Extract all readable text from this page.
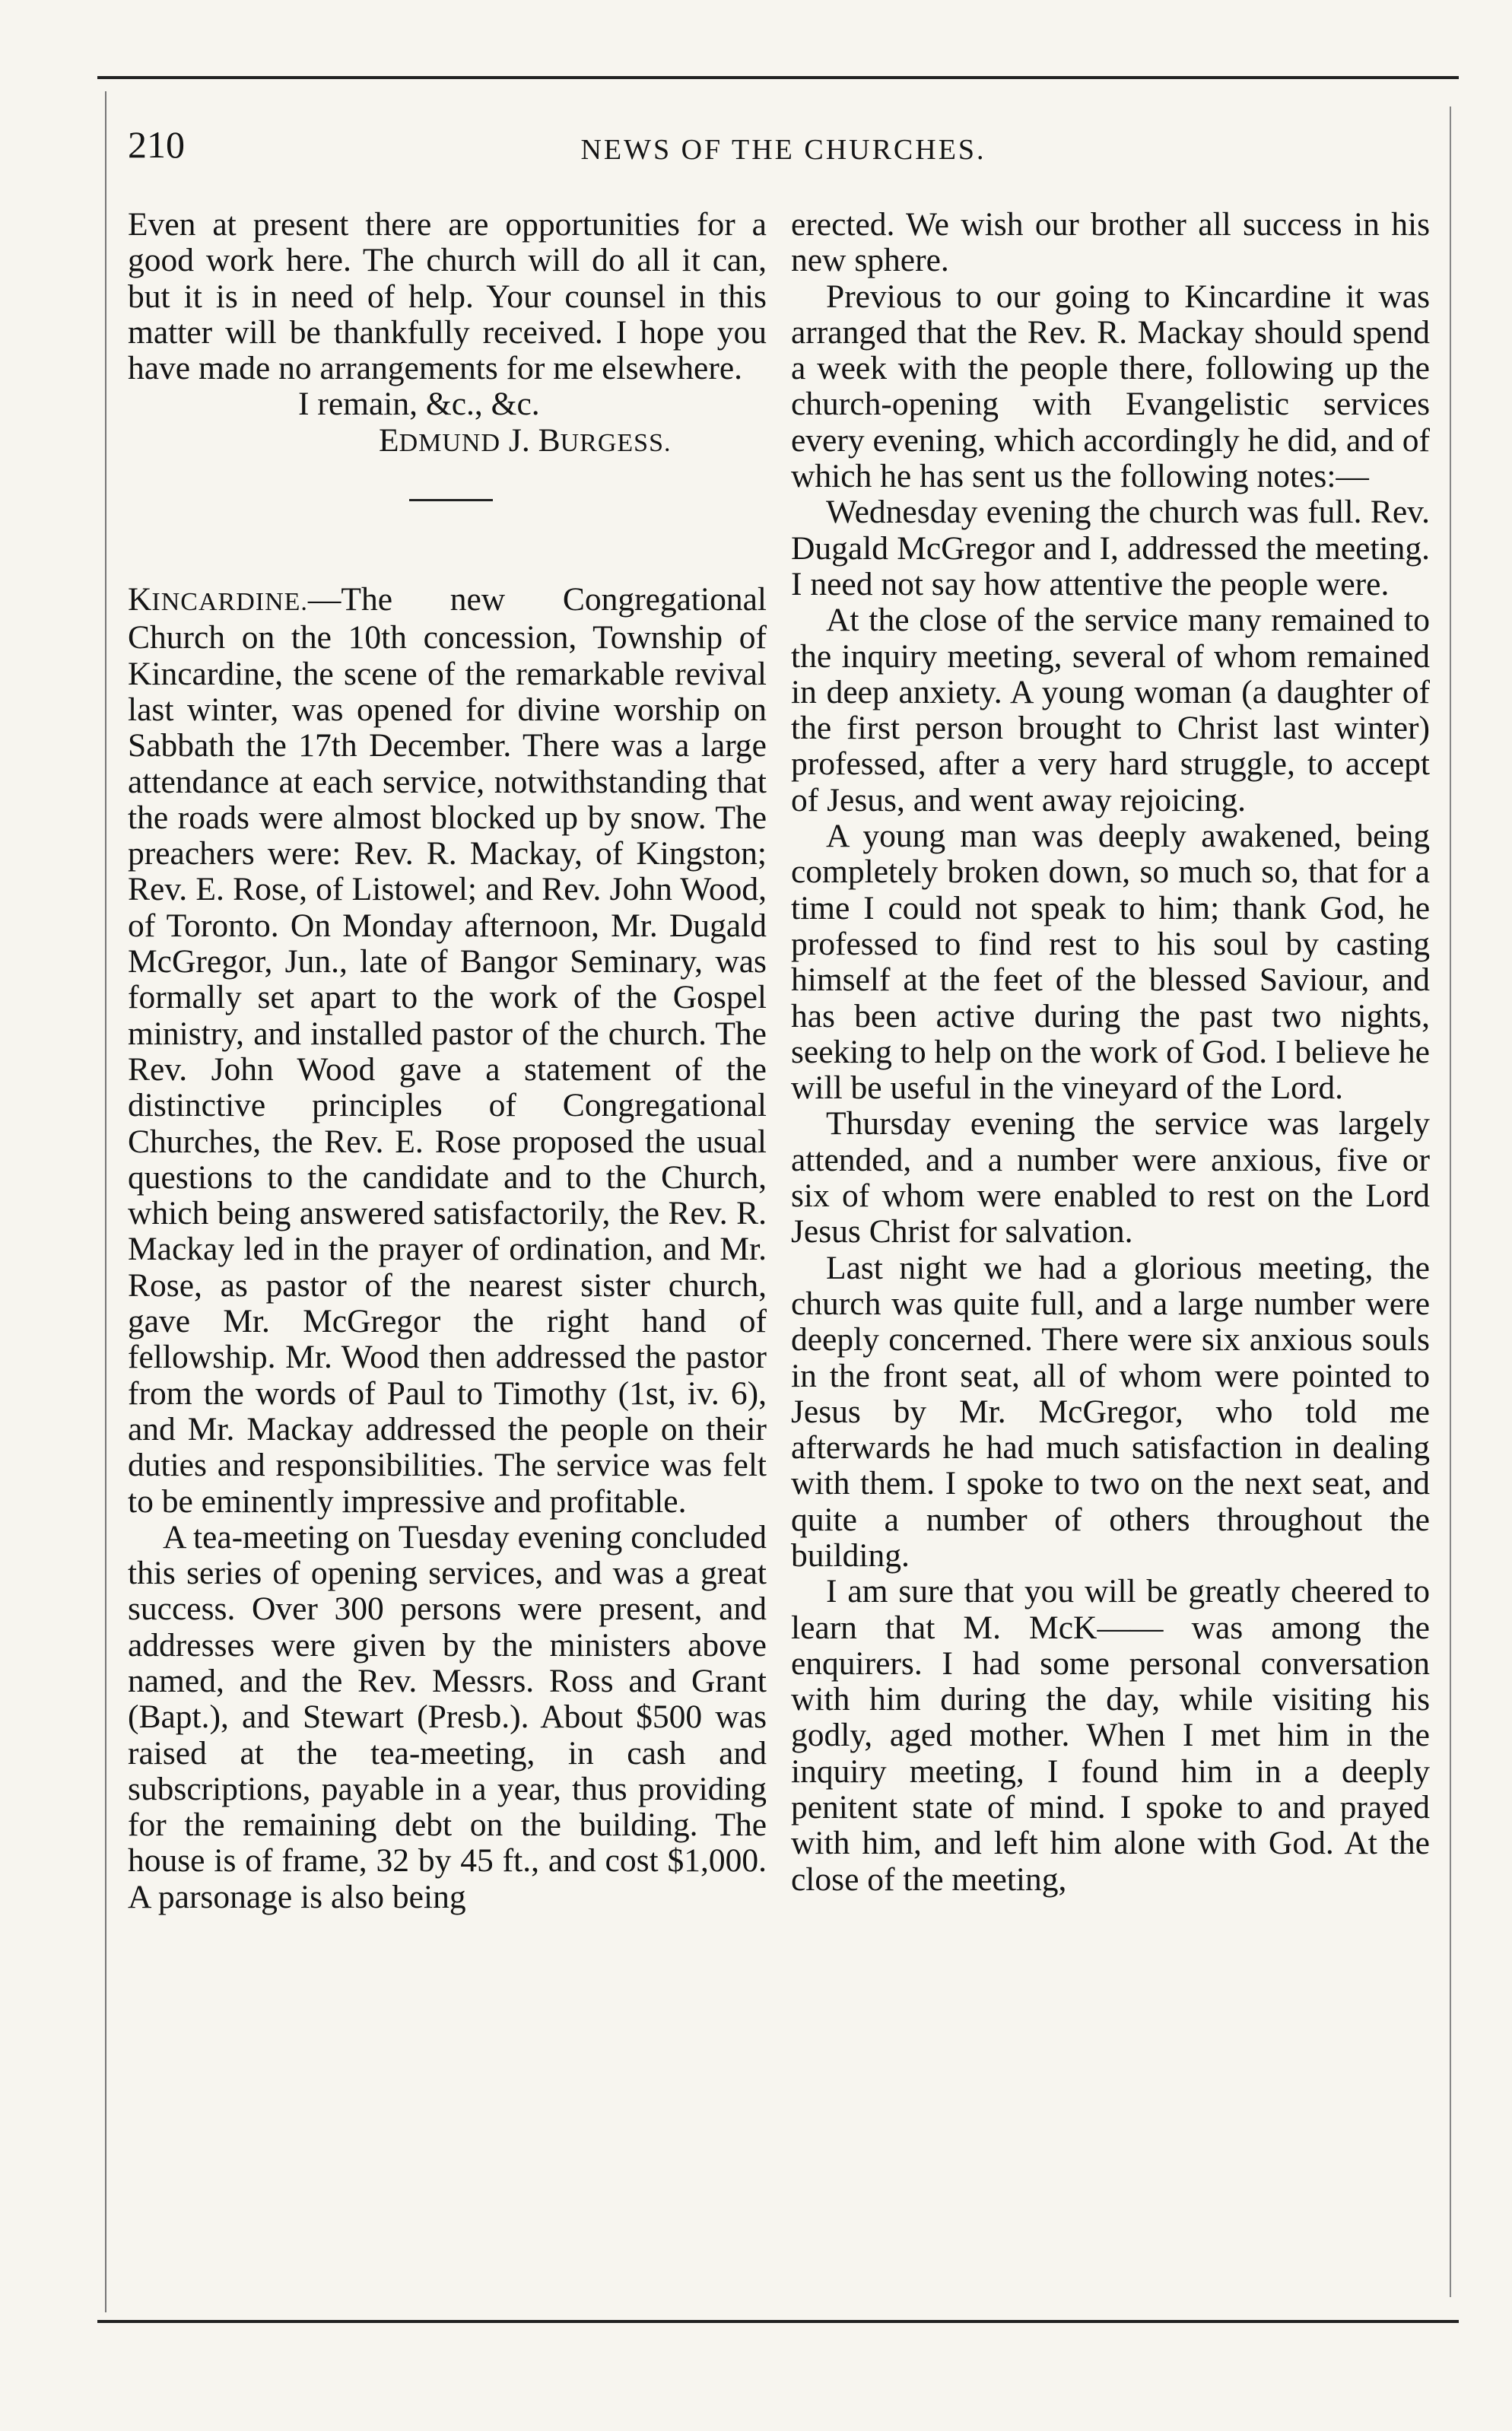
210	NEWS OF THE CHURCHES.

Even at present there are opportunities for a good work here. The church will do all it can, but it is in need of help. Your counsel in this matter will be thankfully received. I hope you have made no arrangements for me elsewhere.

I remain, &c., &c.

EDMUND J. BURGESS.

KINCARDINE.—The new Congregational Church on the 10th concession, Township of Kincardine, the scene of the remarkable revival last winter, was opened for divine worship on Sabbath the 17th December. There was a large attendance at each service, notwithstanding that the roads were almost blocked up by snow. The preachers were: Rev. R. Mackay, of Kingston; Rev. E. Rose, of Listowel; and Rev. John Wood, of Toronto. On Monday afternoon, Mr. Dugald McGregor, Jun., late of Bangor Seminary, was formally set apart to the work of the Gospel ministry, and installed pastor of the church. The Rev. John Wood gave a statement of the distinctive principles of Congregational Churches, the Rev. E. Rose proposed the usual questions to the candidate and to the Church, which being answered satisfactorily, the Rev. R. Mackay led in the prayer of ordination, and Mr. Rose, as pastor of the nearest sister church, gave Mr. McGregor the right hand of fellowship. Mr. Wood then addressed the pastor from the words of Paul to Timothy (1st, iv. 6), and Mr. Mackay addressed the people on their duties and responsibilities. The service was felt to be eminently impressive and profitable.

A tea-meeting on Tuesday evening concluded this series of opening services, and was a great success. Over 300 persons were present, and addresses were given by the ministers above named, and the Rev. Messrs. Ross and Grant (Bapt.), and Stewart (Presb.). About $500 was raised at the tea-meeting, in cash and subscriptions, payable in a year, thus providing for the remaining debt on the building. The house is of frame, 32 by 45 ft., and cost $1,000. A parsonage is also being

erected. We wish our brother all success in his new sphere.

Previous to our going to Kincardine it was arranged that the Rev. R. Mackay should spend a week with the people there, following up the church-opening with Evangelistic services every evening, which accordingly he did, and of which he has sent us the following notes:—

Wednesday evening the church was full. Rev. Dugald McGregor and I, addressed the meeting. I need not say how attentive the people were.

At the close of the service many remained to the inquiry meeting, several of whom remained in deep anxiety. A young woman (a daughter of the first person brought to Christ last winter) professed, after a very hard struggle, to accept of Jesus, and went away rejoicing.

A young man was deeply awakened, being completely broken down, so much so, that for a time I could not speak to him; thank God, he professed to find rest to his soul by casting himself at the feet of the blessed Saviour, and has been active during the past two nights, seeking to help on the work of God. I believe he will be useful in the vineyard of the Lord.

Thursday evening the service was largely attended, and a number were anxious, five or six of whom were enabled to rest on the Lord Jesus Christ for salvation.

Last night we had a glorious meeting, the church was quite full, and a large number were deeply concerned. There were six anxious souls in the front seat, all of whom were pointed to Jesus by Mr. McGregor, who told me afterwards he had much satisfaction in dealing with them. I spoke to two on the next seat, and quite a number of others throughout the building.

I am sure that you will be greatly cheered to learn that M. McK—— was among the enquirers. I had some personal conversation with him during the day, while visiting his godly, aged mother. When I met him in the inquiry meeting, I found him in a deeply penitent state of mind. I spoke to and prayed with him, and left him alone with God. At the close of the meeting,
